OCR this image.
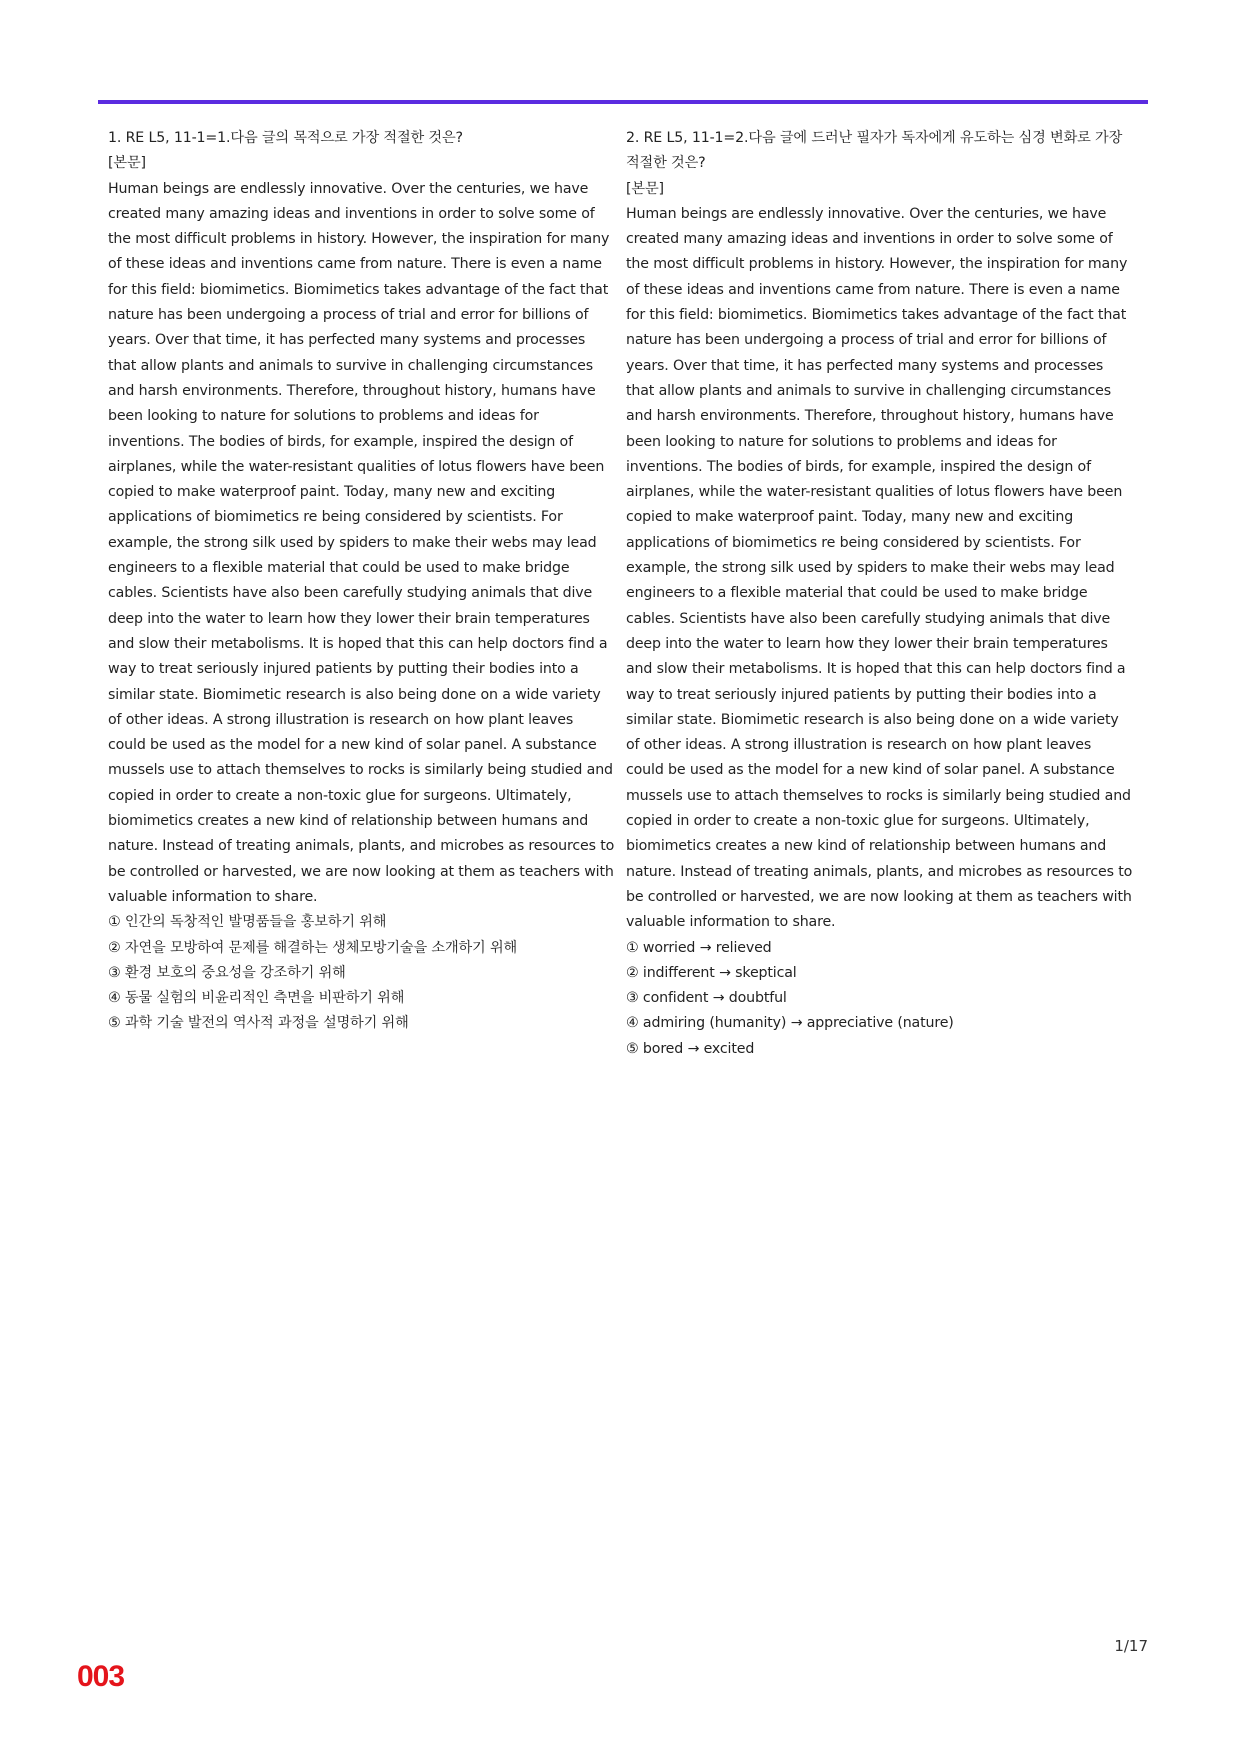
1. RE L5, 11-1=1.다음 글의 목적으로 가장 적절한 것은?

[본문]

Human beings are endlessly innovative. Over the centuries, we have created many amazing ideas and inventions in order to solve some of the most difficult problems in history. However, the inspiration for many of these ideas and inventions came from nature. There is even a name for this field: biomimetics. Biomimetics takes advantage of the fact that nature has been undergoing a process of trial and error for billions of years. Over that time, it has perfected many systems and processes that allow plants and animals to survive in challenging circumstances and harsh environments. Therefore, throughout history, humans have been looking to nature for solutions to problems and ideas for inventions. The bodies of birds, for example, inspired the design of airplanes, while the water-resistant qualities of lotus flowers have been copied to make waterproof paint. Today, many new and exciting applications of biomimetics re being considered by scientists. For example, the strong silk used by spiders to make their webs may lead engineers to a flexible material that could be used to make bridge cables. Scientists have also been carefully studying animals that dive deep into the water to learn how they lower their brain temperatures and slow their metabolisms. It is hoped that this can help doctors find a way to treat seriously injured patients by putting their bodies into a similar state. Biomimetic research is also being done on a wide variety of other ideas. A strong illustration is research on how plant leaves could be used as the model for a new kind of solar panel. A substance mussels use to attach themselves to rocks is similarly being studied and copied in order to create a non-toxic glue for surgeons. Ultimately, biomimetics creates a new kind of relationship between humans and nature. Instead of treating animals, plants, and microbes as resources to be controlled or harvested, we are now looking at them as teachers with valuable information to share.

① 인간의 독창적인 발명품들을 홍보하기 위해
② 자연을 모방하여 문제를 해결하는 생체모방기술을 소개하기 위해
③ 환경 보호의 중요성을 강조하기 위해
④ 동물 실험의 비윤리적인 측면을 비판하기 위해
⑤ 과학 기술 발전의 역사적 과정을 설명하기 위해

2. RE L5, 11-1=2.다음 글에 드러난 필자가 독자에게 유도하는 심경 변화로 가장 적절한 것은?

[본문]

Human beings are endlessly innovative. Over the centuries, we have created many amazing ideas and inventions in order to solve some of the most difficult problems in history. However, the inspiration for many of these ideas and inventions came from nature. There is even a name for this field: biomimetics. Biomimetics takes advantage of the fact that nature has been undergoing a process of trial and error for billions of years. Over that time, it has perfected many systems and processes that allow plants and animals to survive in challenging circumstances and harsh environments. Therefore, throughout history, humans have been looking to nature for solutions to problems and ideas for inventions. The bodies of birds, for example, inspired the design of airplanes, while the water-resistant qualities of lotus flowers have been copied to make waterproof paint. Today, many new and exciting applications of biomimetics re being considered by scientists. For example, the strong silk used by spiders to make their webs may lead engineers to a flexible material that could be used to make bridge cables. Scientists have also been carefully studying animals that dive deep into the water to learn how they lower their brain temperatures and slow their metabolisms. It is hoped that this can help doctors find a way to treat seriously injured patients by putting their bodies into a similar state. Biomimetic research is also being done on a wide variety of other ideas. A strong illustration is research on how plant leaves could be used as the model for a new kind of solar panel. A substance mussels use to attach themselves to rocks is similarly being studied and copied in order to create a non-toxic glue for surgeons. Ultimately, biomimetics creates a new kind of relationship between humans and nature. Instead of treating animals, plants, and microbes as resources to be controlled or harvested, we are now looking at them as teachers with valuable information to share.

① worried → relieved
② indifferent → skeptical
③ confident → doubtful
④ admiring (humanity) → appreciative (nature)
⑤ bored → excited
1/17
003
